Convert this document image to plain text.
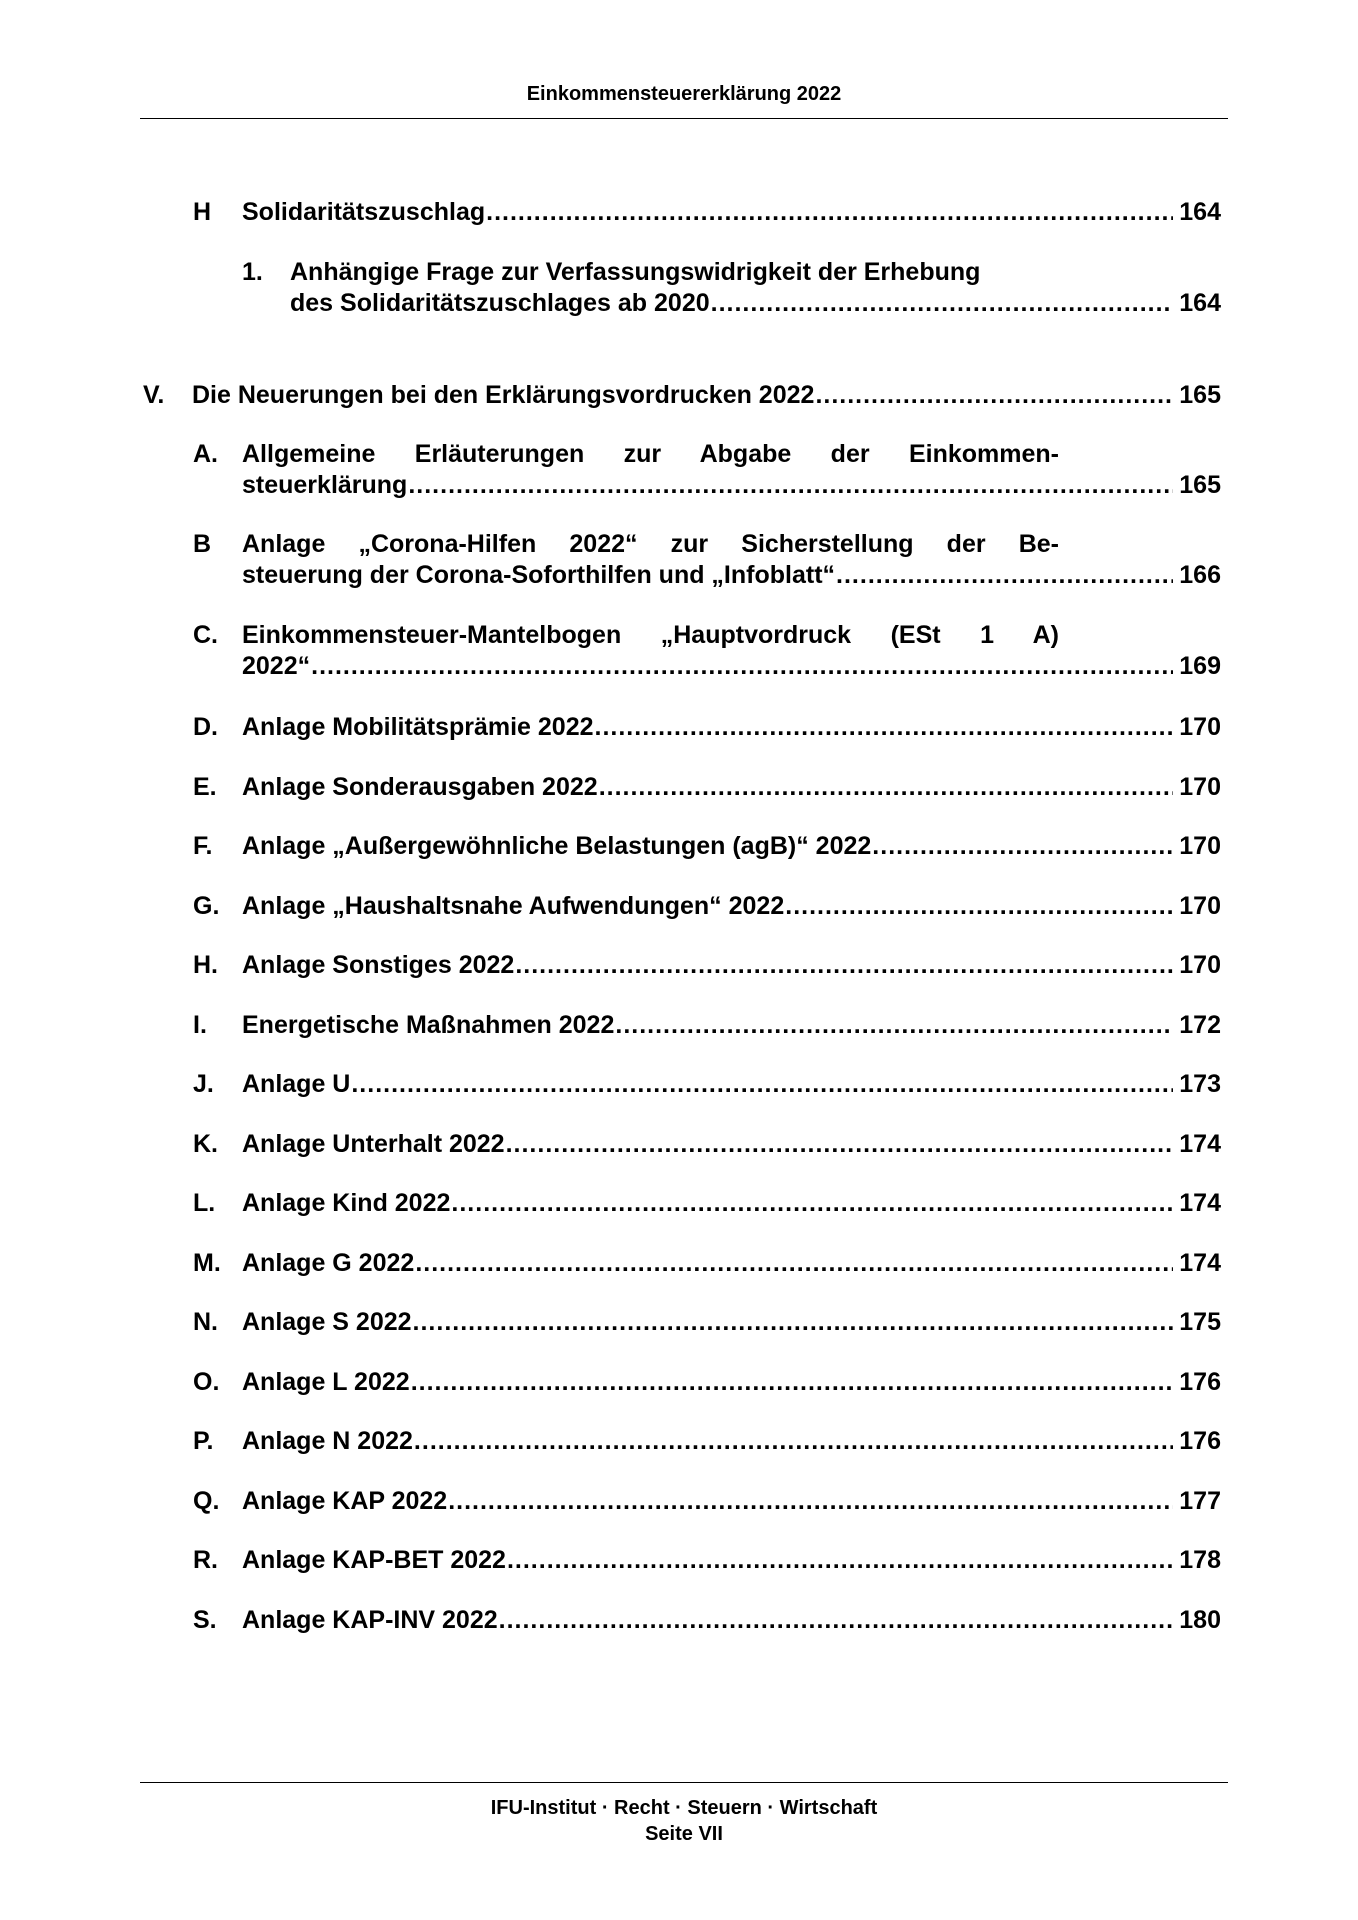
Einkommensteuererklärung 2022
H Solidaritätszuschlag .....	164
1. Anhängige Frage zur Verfassungswidrigkeit der Erhebung
des Solidaritätszuschlages ab 2020 .....	164
V. Die Neuerungen bei den Erklärungsvordrucken 2022 .....	165
A. Allgemeine Erläuterungen zur Abgabe der Einkommen-
steuerklärung .....	165
B Anlage „Corona-Hilfen 2022“ zur Sicherstellung der Be-
steuerung der Corona-Soforthilfen und „Infoblatt“ .....	166
C. Einkommensteuer-Mantelbogen „Hauptvordruck (ESt 1 A)
2022“ .....	169
D. Anlage Mobilitätsprämie 2022 .....	170
E. Anlage Sonderausgaben 2022 .....	170
F. Anlage „Außergewöhnliche Belastungen (agB)“ 2022 .....	170
G. Anlage „Haushaltsnahe Aufwendungen“ 2022 .....	170
H. Anlage Sonstiges 2022 .....	170
I. Energetische Maßnahmen 2022 .....	172
J. Anlage U .....	173
K. Anlage Unterhalt 2022 .....	174
L. Anlage Kind 2022 .....	174
M. Anlage G 2022 .....	174
N. Anlage S 2022 .....	175
O. Anlage L 2022 .....	176
P. Anlage N 2022 .....	176
Q. Anlage KAP 2022 .....	177
R. Anlage KAP-BET 2022 .....	178
S. Anlage KAP-INV 2022 .....	180
IFU-Institut · Recht · Steuern · Wirtschaft
Seite VII
